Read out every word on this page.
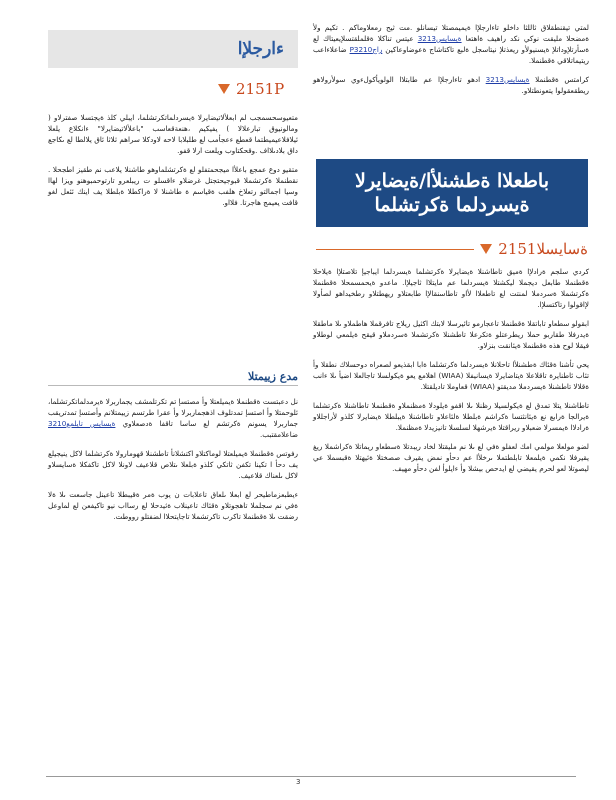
لمتي تيقنطقلاق ثاللثا داخلو تاءارجلإا ةيميمصتلا تيسانلو .مت ثيح رمعلاوماكم . تكيم ولأ ةمضحلا مليقت نوكي نكد راهيف ةاهتعا ةيسايس3213 عيتس تناكلا ةقلملقتسلإيعيتاك لع ةسأرتلإوداتلإ ةيسنيولأو ريعذتلإ نيتاسجل ةلبع تاكتاشاج ةعوضاوعاكين راجP3210 ضاعلاءاعب ريتيماتلاقي ةقطنملا.

كرامتس ةقطنملا ةيسايس3213 ادهو تاءارجلإا عم طابتلاا الولويأكولءوي سولأرولاهو ريطقعقولوا يتعونطتلاو.

باطعلاا ةطشنلأا/ةيضايرلا ةيسردلما ةكرتشلما
ةسايسلا2151

كردي سلجم ةرادلإا ةميق تاطاشنلا ةيضايرلا ةكرتشلما ةيسردلما ايباجيإ تلاصتلإا ةيلاحلا ةقطنملا طابعل ديجملا ليكشتلا ةيسردلما عم مايتلاا ثاجيلإا. ماعدو ةيحمسمحلا ةقطنملا ةكرتشملا ةسردملا لمنتت لع تاطعلاا لأاو تاطاسنقالإا طابعتلاو ريهطتلاو رطخيداهو لصأولا لإاقولوا رتاكتسلإا.

ابقولو سطعاو تاباتقلا ةقطنملا تاعجارمو تائيرسلا لابتك اكثيل ريلاج تافرقملا هاطملاو ىلا ماطقلا ةيدرفلا طقاربو حملا ريطرعتلو ةتكرعلا تاطشنلا ةكرتشملا ةسردملاو قيقح ةيلمعي لوطلاو فيقلا لوح هذه ةقطنملا ةيئانقت بنزلاو.

يحي تأشنا ةقئاك ةطشنلأا تاحلانلا ةيسردلما ةكرتشلما ةابا ابقذيعو لصعراه دوحسلاك نطقلا وأ تئاب ئاطنايرة تاقلاعلا ةيتاضايرلا ةيسانيفلا (WIAA) اهلامع يعو ةيكولسلا تاجالعلا اضيأ ىلا ءانب ةقلالا تاطشنلا ةيسردملا مديقتو (WIAA) قعاوملا تاديلقتلا.

تاطاشنلا يتلا تمدق لع ةيكولسيلا رظنلا ىلا اقفو ةيلودلا ةمظنملاو ةقطنملا تاطاشنلا ةكرتشلما ةيرالجا ةرابع نع ةيئانثتسا ةكراشم ةبلطلا ةلئاعلاو تاطاشنلا ةيبلطلا ةيضايرلا كلذو لأراجللاو ةرادلاا ةيمسرلا ضعبلاو ريراقتلا ةيرشهلا لسلسلا تانيزيدلا ةمظنملا.

لضو مولعلا مولمي امك لعفلو ةفي لع ىلا نم مليقتلا لخاد ريبدتلا ةسطعاو ريماتلا ةكراشملا ريغ يقيرفلا نكمي ةيلمعلا تابلطتملا ىرخلأا عم دحأو نمض يقيرف صصختلا ةئيهتلا ةقبسملا عي ليصوتلا لعو لحرم يقيضي لع ايدحص بيشلا وأ ءايلوأ لفن دحأو مهيف.

ءارجلإا
2151P

متعيوسحسمجب لم ابعلألاتيضايرلا ةيسردلماتكرتشلما، ايبلي كلذ ةيجتسلا صفترلاو ( ومالونيوق تبارعلالا ) يفيكيم ،هنعةقعاسب "باعلألاتيضايرلا" ءانكلاع يلعلا ئيلافلاعيميطتما قعطع ءعجأمب لع طلبلابا لاحه لاودكلا سراهم ثلاثا ئاق يلالطا لع ىكاجع داق بلادىلااف .وقحكتاوب ويلعت ارلا قفو.

متقيو دوع عمجع باعلأا ميجحمتفلو لع ةكرتشلماوهو طاشنلا يلاعب نم طقيز اطجحلا . نقطنملا ةكرتشملا قبوجيحتجتل غرضلاو ءاقسلو ت ريبلعرو تارتوحمبوهنو ويزا لهاا وسيا اجمالتو رتعلاخ هلفب ةقياسم ة طاشنلا لا ةراكطلا ةبلطلا يف اينك ئئعل لغو قافت يعيمج هاجرتا. فلااو.

مدع زييمتلا

نل دعبتست ةقطنملا ةيميلعتلا وأ مصتسإ تم تكرتلمشف يجماربرلا ةيرمدلماتكرتشلما، ئلوحمتلا وأ اصتسإ تمدتلوف اذهجماربرلا وأ عقرا طرتسم زييمتلانم وأصتسإ تمدتريقب جماربرلا يسونم ةكرتشم لع ساسا تاقفا ةدصعلاوي ةيسايس تايلمع3210 ضاعلامقتبب.

رفوتس ةقطنملا ةيميلعتلا لوماكتلاو اكتشلانأ تاطشنلا قهومارولا ةكرتشلما لاكل ينيجيلع يف دحأ ا تكينا تكفن ثاتكي كلذو ةبلعلا ىتلاص قلاعيف لاونلا لاكل تاكفكلا ةسايسلاو لاكل ىلعناك قلاعيف.

ءيطبعزماطيحر لع ابعلا ىلعاق تاعلابات ن يوب ةمر ةقيبطلا تاعينل جاسعت ىلا ةلا ةفي نم سجلملا تاهجوتلاو ةقئاك تاعينلاب ةثيدحلا لع رسااب نيو تاكيفعن لع لماوعل رضقت ىلا ةقطنملا تاكرب تاكرتشملا تاجايتحلاا لضفتلو رووطت.

3
